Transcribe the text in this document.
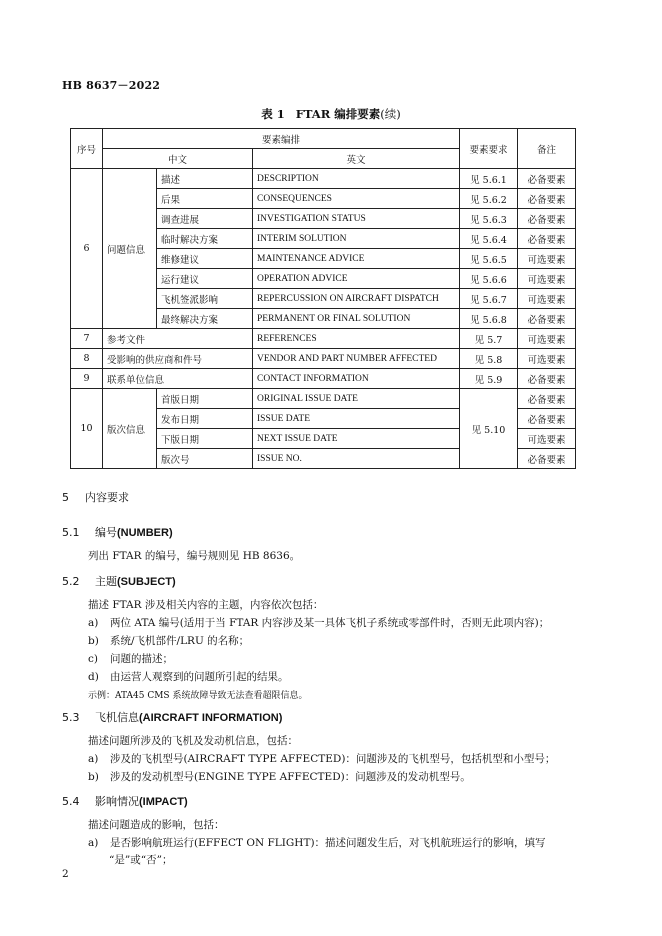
HB 8637－2022
表 1 FTAR 编排要素(续)
序号	要素编排			要素要求	备注
	中文		英文		
6	问题信息	描述	DESCRIPTION	见 5.6.1	必备要素
		后果	CONSEQUENCES	见 5.6.2	必备要素
		调查进展	INVESTIGATION STATUS	见 5.6.3	必备要素
		临时解决方案	INTERIM SOLUTION	见 5.6.4	必备要素
		维修建议	MAINTENANCE ADVICE	见 5.6.5	可选要素
		运行建议	OPERATION ADVICE	见 5.6.6	可选要素
		飞机签派影响	REPERCUSSION ON AIRCRAFT DISPATCH	见 5.6.7	可选要素
		最终解决方案	PERMANENT OR FINAL SOLUTION	见 5.6.8	必备要素
7	参考文件		REFERENCES	见 5.7	可选要素
8	受影响的供应商和件号		VENDOR AND PART NUMBER AFFECTED	见 5.8	可选要素
9	联系单位信息		CONTACT INFORMATION	见 5.9	必备要素
10	版次信息	首版日期	ORIGINAL ISSUE DATE	见 5.10	必备要素
		发布日期	ISSUE DATE		必备要素
		下版日期	NEXT ISSUE DATE		可选要素
		版次号	ISSUE NO.		必备要素
5 内容要求
5.1 编号(NUMBER)
列出 FTAR 的编号，编号规则见 HB 8636。
5.2 主题(SUBJECT)
描述 FTAR 涉及相关内容的主题，内容依次包括：
a) 两位 ATA 编号(适用于当 FTAR 内容涉及某一具体飞机子系统或零部件时，否则无此项内容)；
b) 系统/飞机部件/LRU 的名称；
c) 问题的描述；
d) 由运营人观察到的问题所引起的结果。
示例：ATA45 CMS 系统故障导致无法查看超限信息。
5.3 飞机信息(AIRCRAFT INFORMATION)
描述问题所涉及的飞机及发动机信息，包括：
a) 涉及的飞机型号(AIRCRAFT TYPE AFFECTED)：问题涉及的飞机型号，包括机型和小型号；
b) 涉及的发动机型号(ENGINE TYPE AFFECTED)：问题涉及的发动机型号。
5.4 影响情况(IMPACT)
描述问题造成的影响，包括：
a) 是否影响航班运行(EFFECT ON FLIGHT)：描述问题发生后，对飞机航班运行的影响，填写
“是”或“否”；
2
